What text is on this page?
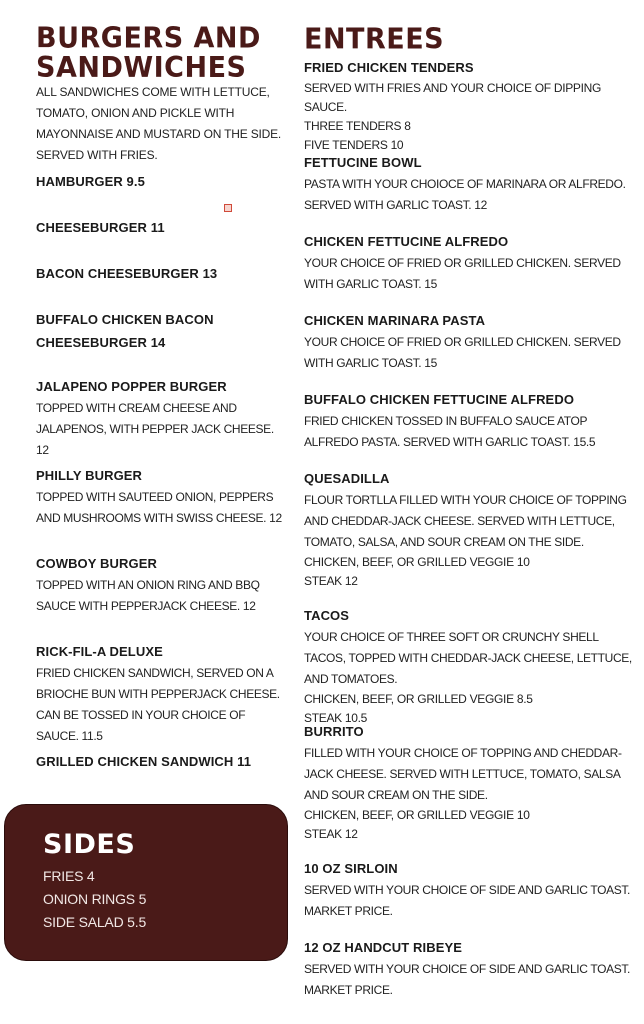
BURGERS AND
SANDWICHES
ALL SANDWICHES COME WITH LETTUCE, TOMATO, ONION AND PICKLE WITH MAYONNAISE AND MUSTARD ON THE SIDE. SERVED WITH FRIES.
HAMBURGER 9.5
CHEESEBURGER 11
BACON CHEESEBURGER 13
BUFFALO CHICKEN BACON CHEESEBURGER 14
JALAPENO POPPER BURGER
TOPPED WITH CREAM CHEESE AND JALAPENOS, WITH PEPPER JACK CHEESE. 12
PHILLY BURGER
TOPPED WITH SAUTEED ONION, PEPPERS AND MUSHROOMS WITH SWISS CHEESE. 12
COWBOY BURGER
TOPPED WITH AN ONION RING AND BBQ SAUCE WITH PEPPERJACK CHEESE. 12
RICK-FIL-A DELUXE
FRIED CHICKEN SANDWICH, SERVED ON A BRIOCHE BUN WITH PEPPERJACK CHEESE. CAN BE TOSSED IN YOUR CHOICE OF SAUCE. 11.5
GRILLED CHICKEN SANDWICH 11
SIDES
FRIES 4
ONION RINGS 5
SIDE SALAD 5.5
ENTREES
FRIED CHICKEN TENDERS
SERVED WITH FRIES AND YOUR CHOICE OF DIPPING SAUCE.
THREE TENDERS 8
FIVE TENDERS 10
FETTUCINE BOWL
PASTA WITH YOUR CHOIOCE OF MARINARA OR ALFREDO. SERVED WITH GARLIC TOAST. 12
CHICKEN FETTUCINE ALFREDO
YOUR CHOICE OF FRIED OR GRILLED CHICKEN. SERVED WITH GARLIC TOAST. 15
CHICKEN MARINARA PASTA
YOUR CHOICE OF FRIED OR GRILLED CHICKEN. SERVED WITH GARLIC TOAST. 15
BUFFALO CHICKEN FETTUCINE ALFREDO
FRIED CHICKEN TOSSED IN BUFFALO SAUCE ATOP ALFREDO PASTA. SERVED WITH GARLIC TOAST. 15.5
QUESADILLA
FLOUR TORTLLA FILLED WITH YOUR CHOICE OF TOPPING AND CHEDDAR-JACK CHEESE. SERVED WITH LETTUCE, TOMATO, SALSA, AND SOUR CREAM ON THE SIDE.
CHICKEN, BEEF, OR GRILLED VEGGIE 10
STEAK 12
TACOS
YOUR CHOICE OF THREE SOFT OR CRUNCHY SHELL TACOS, TOPPED WITH CHEDDAR-JACK CHEESE, LETTUCE, AND TOMATOES.
CHICKEN, BEEF, OR GRILLED VEGGIE 8.5
STEAK 10.5
BURRITO
FILLED WITH YOUR CHOICE OF TOPPING AND CHEDDAR-JACK CHEESE. SERVED WITH LETTUCE, TOMATO, SALSA AND SOUR CREAM ON THE SIDE.
CHICKEN, BEEF, OR GRILLED VEGGIE 10
STEAK 12
10 OZ SIRLOIN
SERVED WITH YOUR CHOICE OF SIDE AND GARLIC TOAST. MARKET PRICE.
12 OZ HANDCUT RIBEYE
SERVED WITH YOUR CHOICE OF SIDE AND GARLIC TOAST. MARKET PRICE.
